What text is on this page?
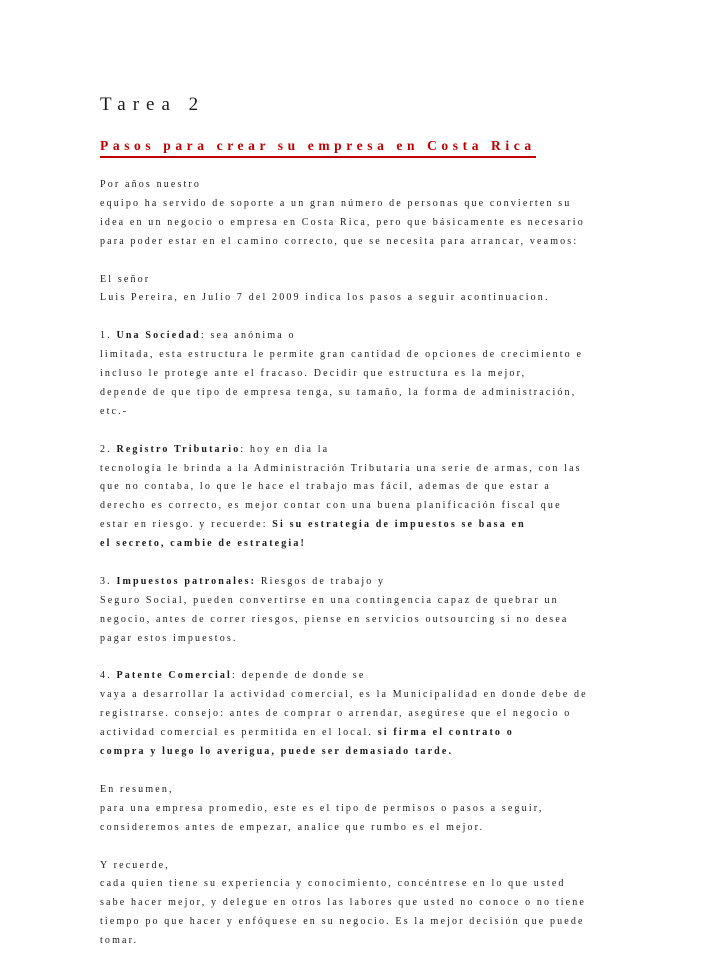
Tarea 2
Pasos para crear su empresa en Costa Rica

Por años nuestro
equipo ha servido de soporte a un gran número de personas que convierten su
idea en un negocio o empresa en Costa Rica, pero que básicamente es necesario
para poder estar en el camino correcto, que se necesita para arrancar, veamos:

El señor
Luis Pereira, en Julio 7 del 2009 indica los pasos a seguir acontinuacion.

1. Una Sociedad: sea anónima o
limitada, esta estructura le permite gran cantidad de opciones de crecimiento e
incluso le protege ante el fracaso. Decidir que estructura es la mejor,
depende de que tipo de empresa tenga, su tamaño, la forma de administración,
etc.-

2. Registro Tributario: hoy en dia la
tecnología le brinda a la Administración Tributaria una serie de armas, con las
que no contaba, lo que le hace el trabajo mas fácil, ademas de que estar a
derecho es correcto, es mejor contar con una buena planificación fiscal que
estar en riesgo. y recuerde: Si su estrategia de impuestos se basa en
el secreto, cambie de estrategia!

3. Impuestos patronales: Riesgos de trabajo y
Seguro Social, pueden convertirse en una contingencia capaz de quebrar un
negocio, antes de correr riesgos, piense en servicios outsourcing si no desea
pagar estos impuestos.

4. Patente Comercial: depende de donde se
vaya a desarrollar la actividad comercial, es la Municipalidad en donde debe de
registrarse. consejo: antes de comprar o arrendar, asegúrese que el negocio o
actividad comercial es permitida en el local. si firma el contrato o
compra y luego lo averigua, puede ser demasiado tarde.

En resumen,
para una empresa promedio, este es el tipo de permisos o pasos a seguir,
consideremos antes de empezar, analice que rumbo es el mejor.

Y recuerde,
cada quien tiene su experiencia y conocimiento, concéntrese en lo que usted
sabe hacer mejor, y delegue en otros las labores que usted no conoce o no tiene
tiempo po que hacer y enfóquese en su negocio. Es la mejor decisión que puede
tomar.
